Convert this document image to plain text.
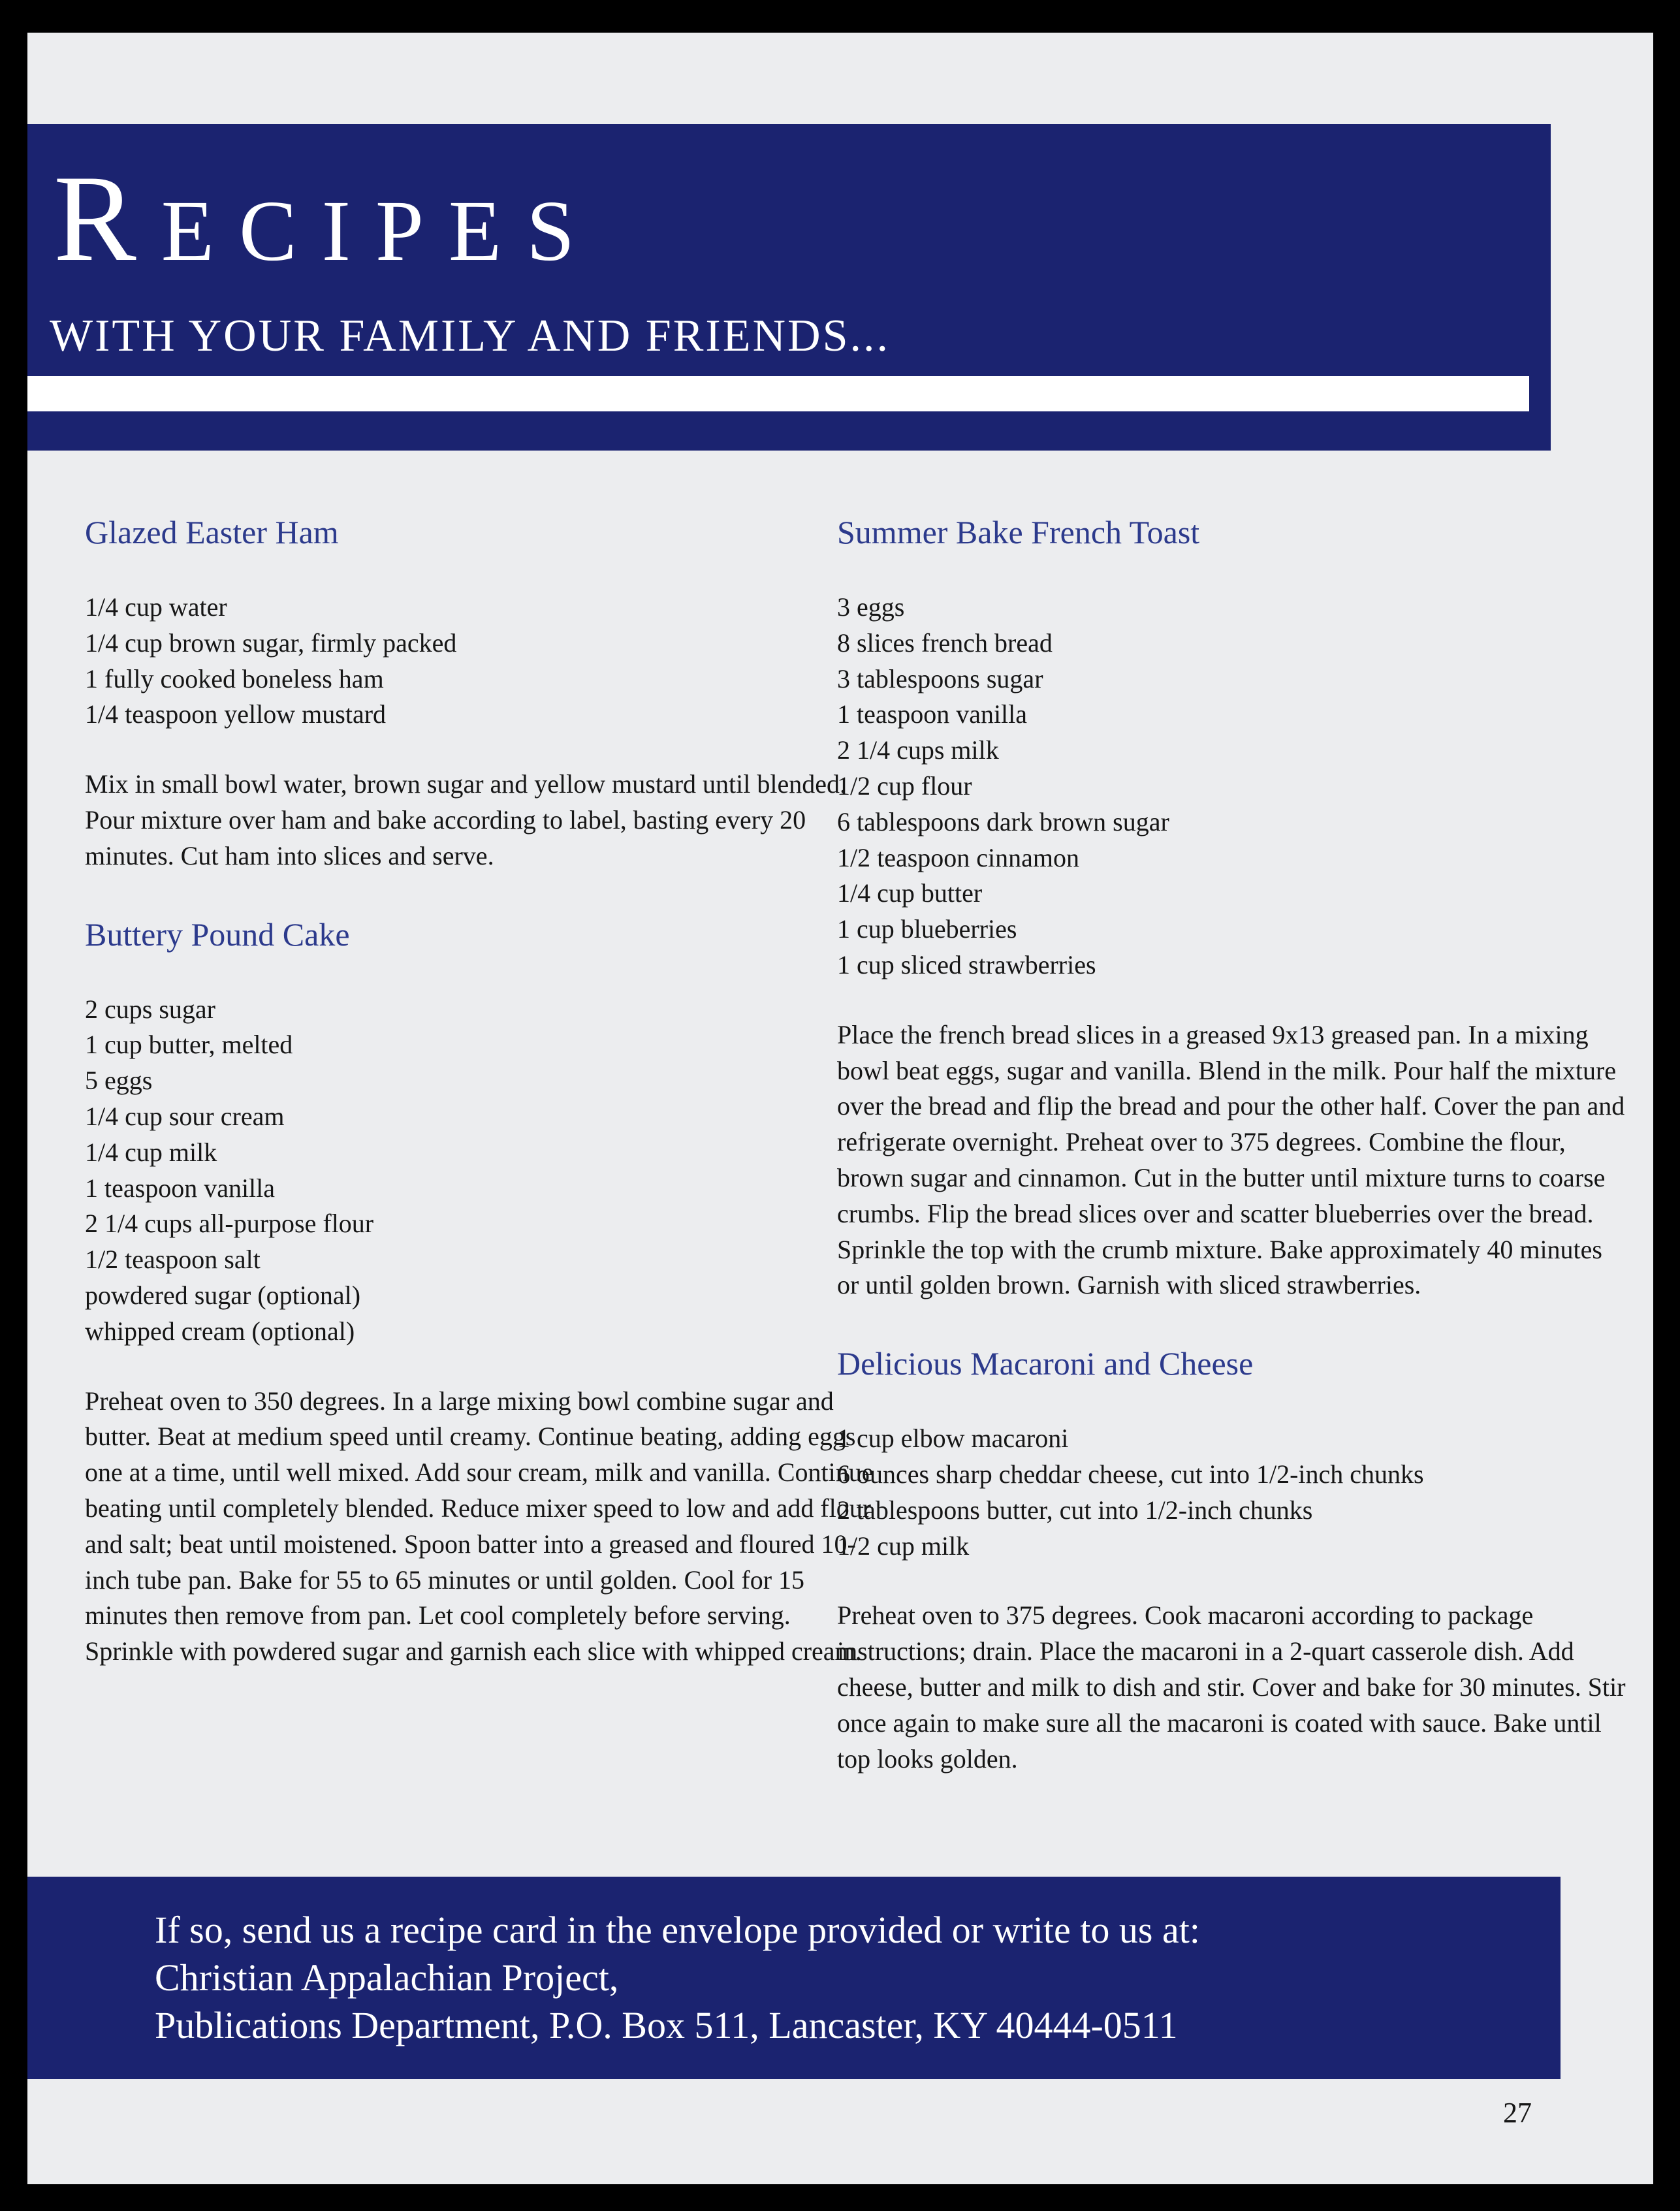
Recipes
WITH YOUR FAMILY AND FRIENDS...
Glazed Easter Ham
1/4 cup water
1/4 cup brown sugar, firmly packed
1 fully cooked boneless ham
1/4 teaspoon yellow mustard

Mix in small bowl water, brown sugar and yellow mustard until blended. Pour mixture over ham and bake according to label, basting every 20 minutes. Cut ham into slices and serve.

Buttery Pound Cake
2 cups sugar
1 cup butter, melted
5 eggs
1/4 cup sour cream
1/4 cup milk
1 teaspoon vanilla
2 1/4 cups all-purpose flour
1/2 teaspoon salt
powdered sugar (optional)
whipped cream (optional)

Preheat oven to 350 degrees. In a large mixing bowl combine sugar and butter. Beat at medium speed until creamy. Continue beating, adding eggs one at a time, until well mixed. Add sour cream, milk and vanilla. Continue beating until completely blended. Reduce mixer speed to low and add flour and salt; beat until moistened. Spoon batter into a greased and floured 10-inch tube pan. Bake for 55 to 65 minutes or until golden. Cool for 15 minutes then remove from pan. Let cool completely before serving. Sprinkle with powdered sugar and garnish each slice with whipped cream.

Summer Bake French Toast
3 eggs
8 slices french bread
3 tablespoons sugar
1 teaspoon vanilla
2 1/4 cups milk
1/2 cup flour
6 tablespoons dark brown sugar
1/2 teaspoon cinnamon
1/4 cup butter
1 cup blueberries
1 cup sliced strawberries

Place the french bread slices in a greased 9x13 greased pan. In a mixing bowl beat eggs, sugar and vanilla. Blend in the milk. Pour half the mixture over the bread and flip the bread and pour the other half. Cover the pan and refrigerate overnight. Preheat over to 375 degrees. Combine the flour, brown sugar and cinnamon. Cut in the butter until mixture turns to coarse crumbs. Flip the bread slices over and scatter blueberries over the bread. Sprinkle the top with the crumb mixture. Bake approximately 40 minutes or until golden brown. Garnish with sliced strawberries.

Delicious Macaroni and Cheese
1 cup elbow macaroni
6 ounces sharp cheddar cheese, cut into 1/2-inch chunks
2 tablespoons butter, cut into 1/2-inch chunks
1/2 cup milk

Preheat oven to 375 degrees. Cook macaroni according to package instructions; drain. Place the macaroni in a 2-quart casserole dish. Add cheese, butter and milk to dish and stir. Cover and bake for 30 minutes. Stir once again to make sure all the macaroni is coated with sauce. Bake until top looks golden.

If so, send us a recipe card in the envelope provided or write to us at:
Christian Appalachian Project,
Publications Department, P.O. Box 511, Lancaster, KY 40444-0511
27
